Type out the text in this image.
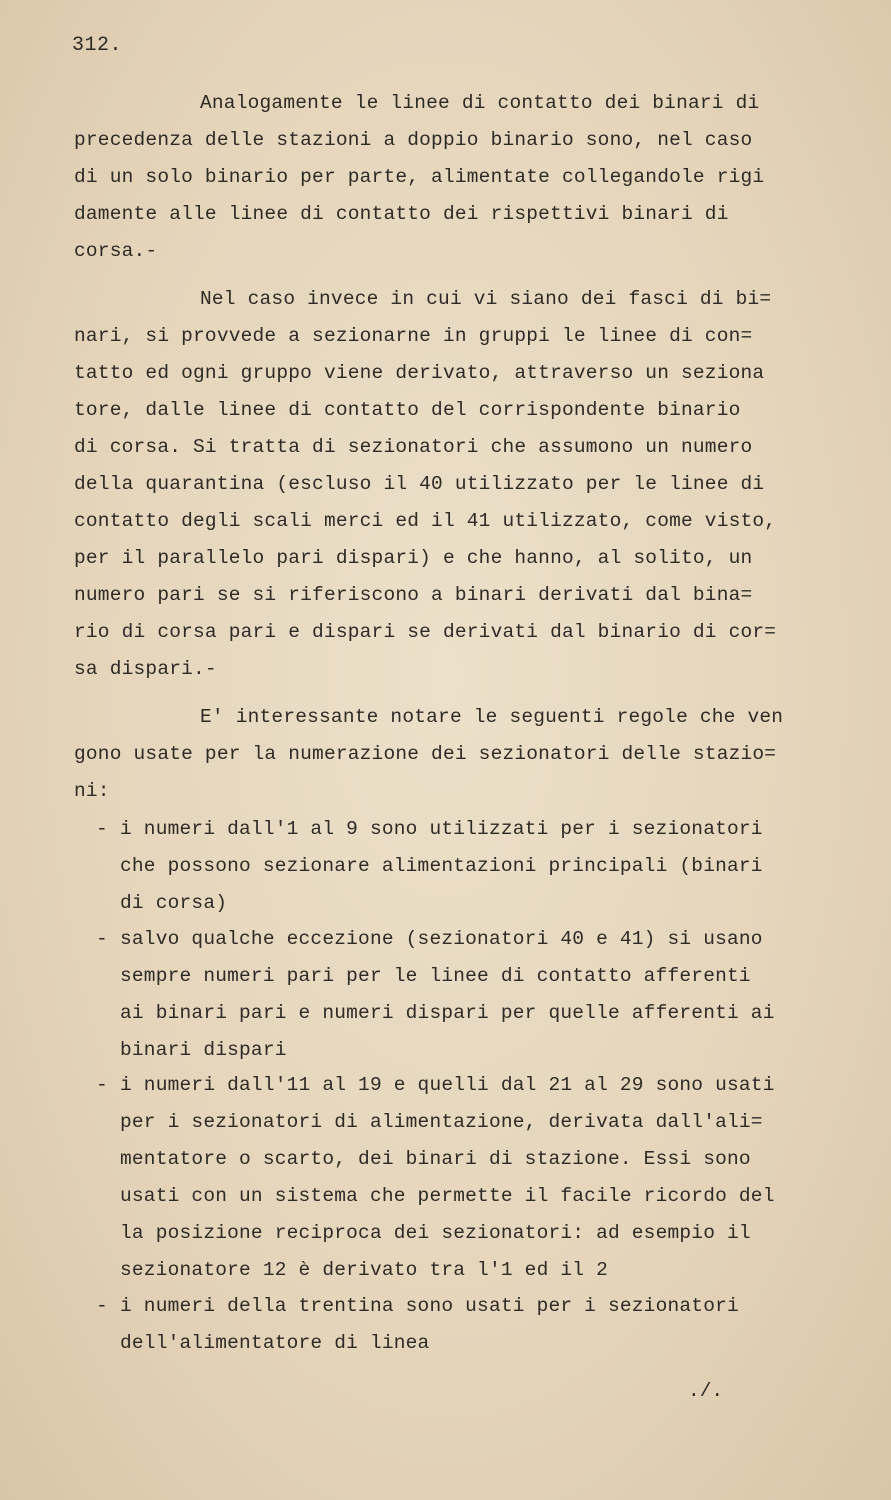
312.
Analogamente le linee di contatto dei binari di
precedenza delle stazioni a doppio binario sono, nel caso
di un solo binario per parte, alimentate collegandole rigi
damente alle linee di contatto dei rispettivi binari di
corsa.-
Nel caso invece in cui vi siano dei fasci di bi=
nari, si provvede a sezionarne in gruppi le linee di con=
tatto ed ogni gruppo viene derivato, attraverso un seziona
tore, dalle linee di contatto del corrispondente binario
di corsa. Si tratta di sezionatori che assumono un numero
della quarantina (escluso il 40 utilizzato per le linee di
contatto degli scali merci ed il 41 utilizzato, come visto,
per il parallelo pari dispari) e che hanno, al solito, un
numero pari se si riferiscono a binari derivati dal bina=
rio di corsa pari e dispari se derivati dal binario di cor=
sa dispari.-
E' interessante notare le seguenti regole che ven
gono usate per la numerazione dei sezionatori delle stazio=
ni:
- i numeri dall'1 al 9 sono utilizzati per i sezionatori
che possono sezionare alimentazioni principali (binari
di corsa)
- salvo qualche eccezione (sezionatori 40 e 41) si usano
sempre numeri pari per le linee di contatto afferenti
ai binari pari e numeri dispari per quelle afferenti ai
binari dispari
- i numeri dall'11 al 19 e quelli dal 21 al 29 sono usati
per i sezionatori di alimentazione, derivata dall'ali=
mentatore o scarto, dei binari di stazione. Essi sono
usati con un sistema che permette il facile ricordo del
la posizione reciproca dei sezionatori: ad esempio il
sezionatore 12 è derivato tra l'1 ed il 2
- i numeri della trentina sono usati per i sezionatori
dell'alimentatore di linea
./.
